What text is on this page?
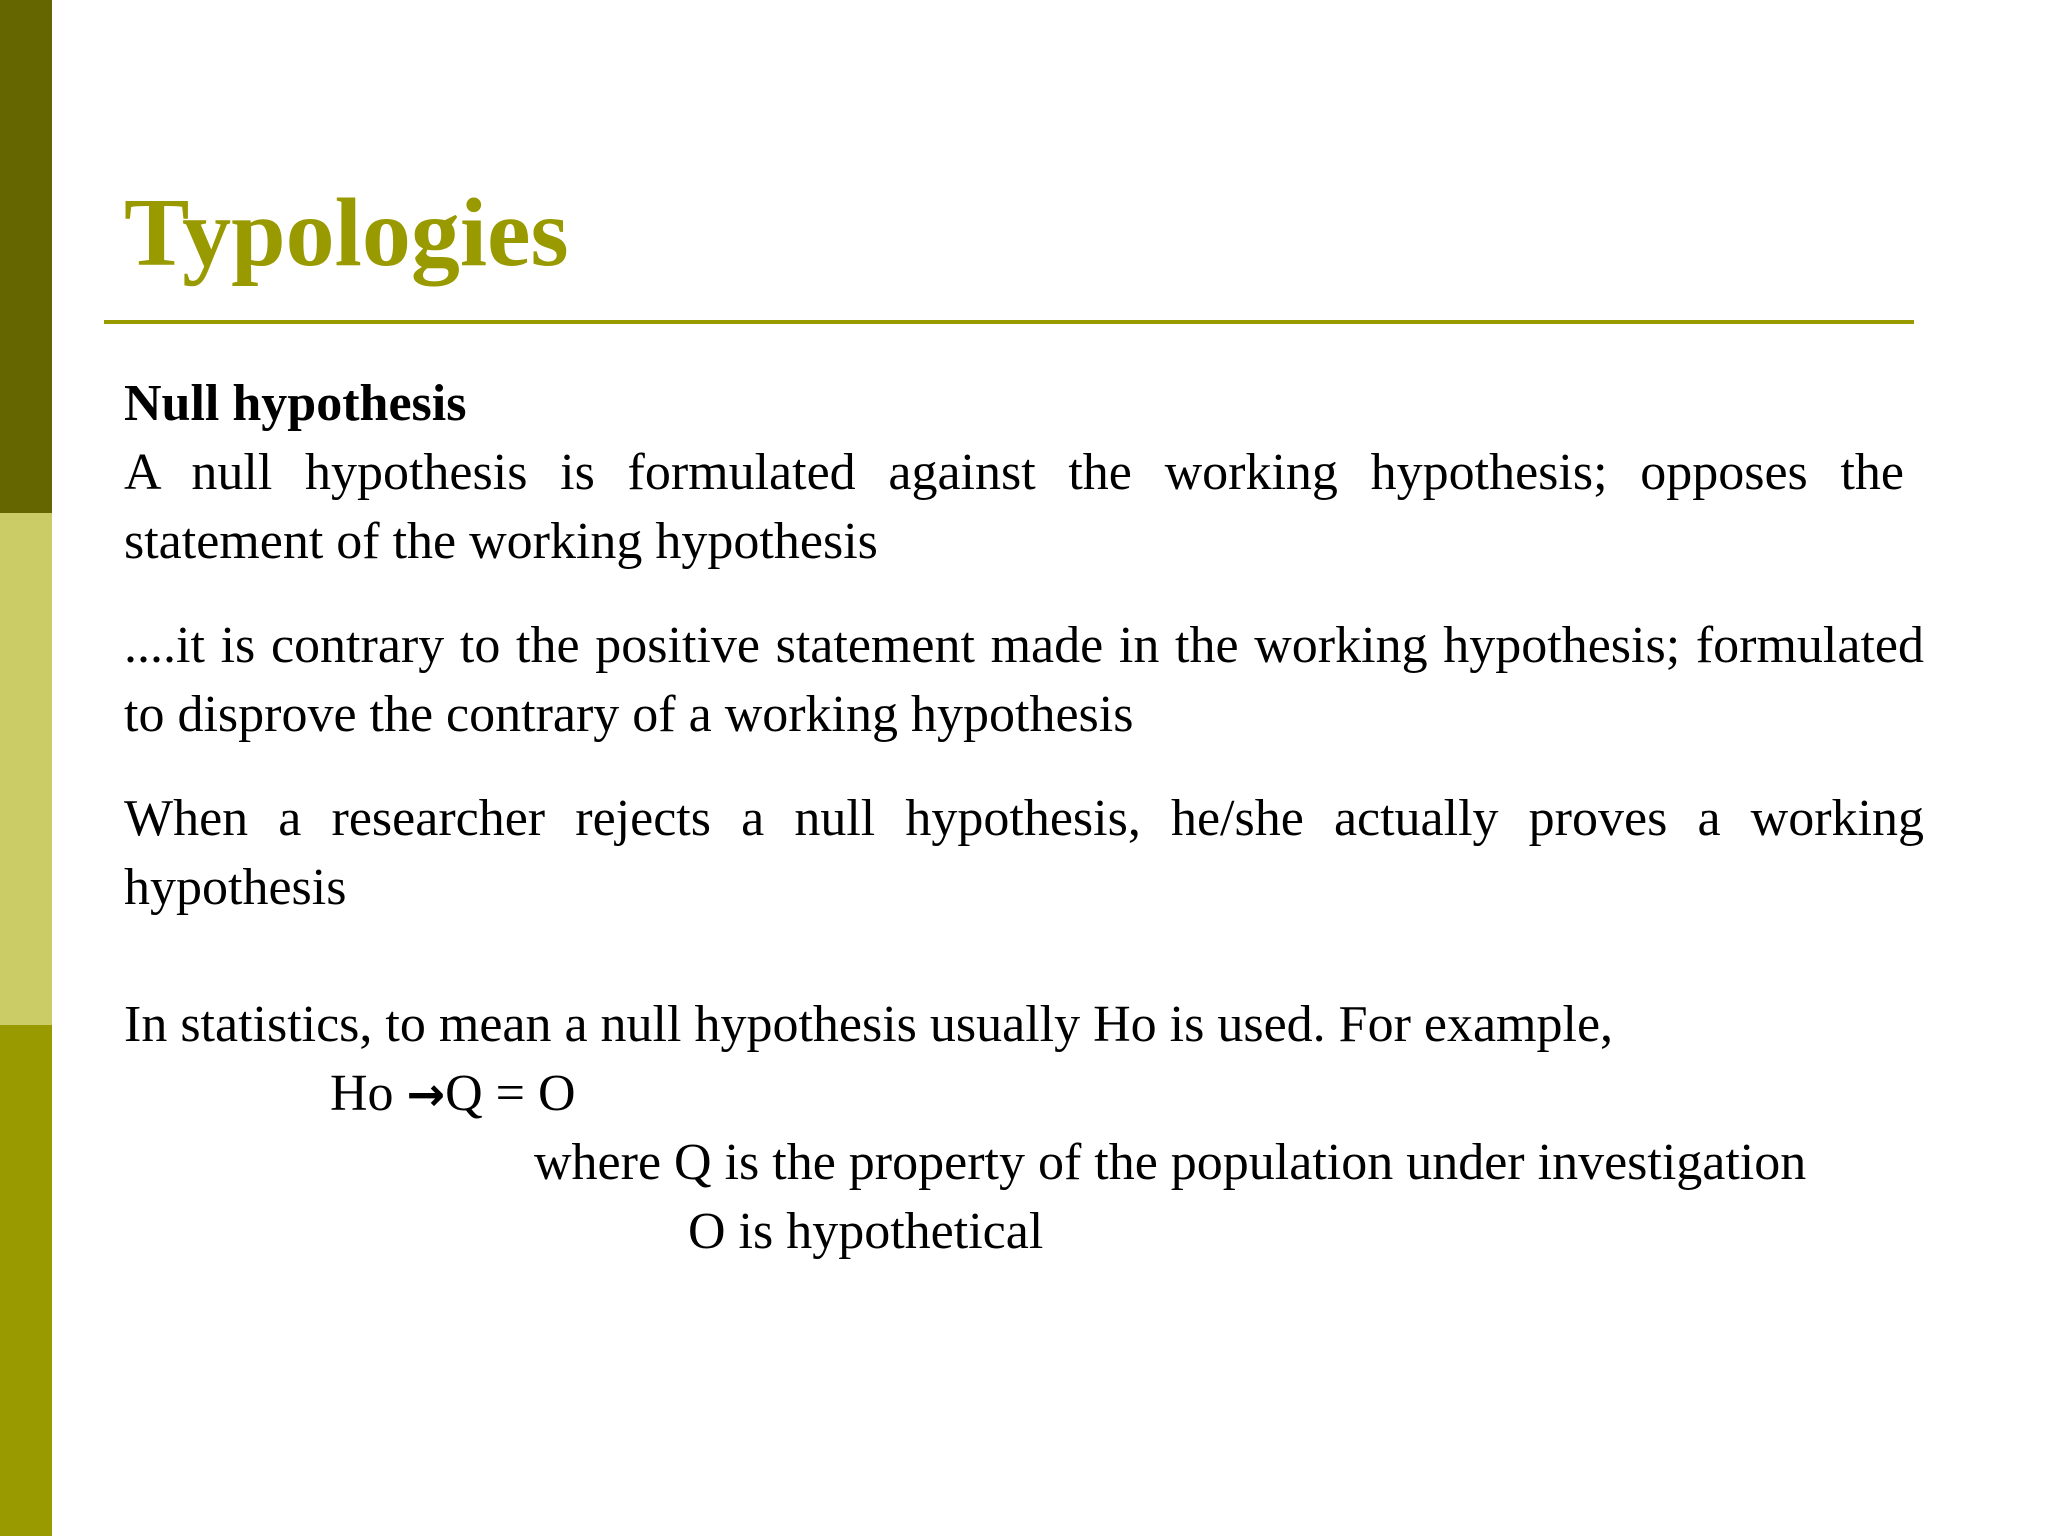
Typologies

Null hypothesis

A null hypothesis is formulated against the working hypothesis; opposes the statement of the working hypothesis

....it is contrary to the positive statement made in the working hypothesis; formulated to disprove the contrary of a working hypothesis

When a researcher rejects a null hypothesis, he/she actually proves a working hypothesis

In statistics, to mean a null hypothesis usually Ho is used. For example,

Ho →Q = O

where Q is the property of the population under investigation

O is hypothetical
